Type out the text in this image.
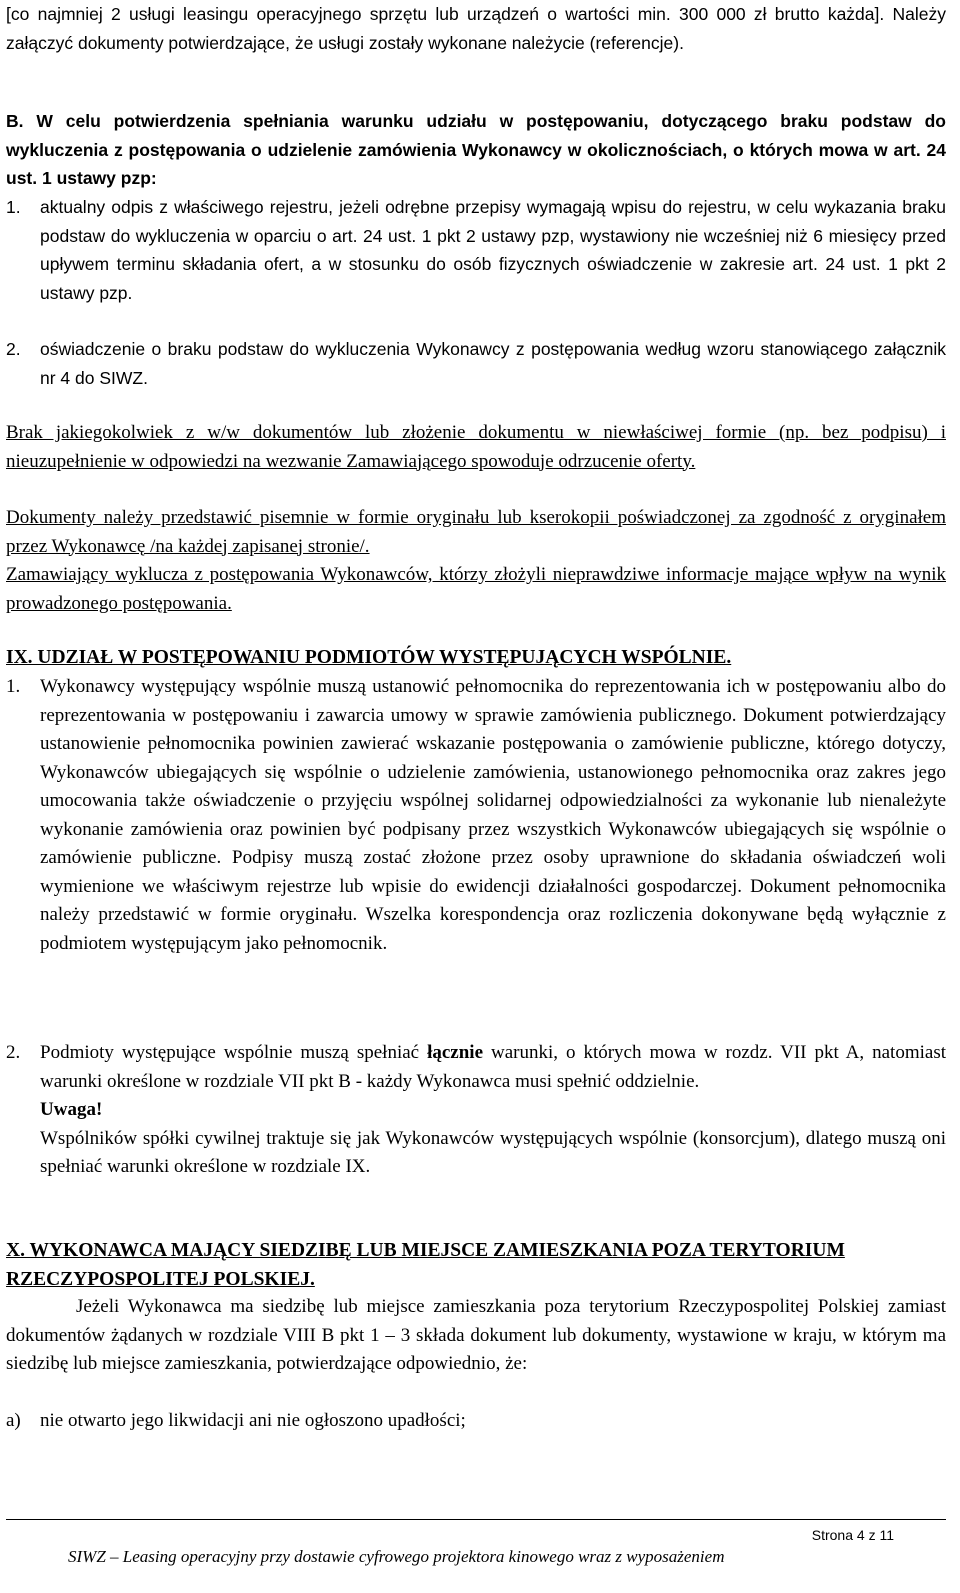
[co najmniej 2 usługi leasingu operacyjnego sprzętu lub urządzeń o wartości min. 300 000 zł brutto każda]. Należy załączyć dokumenty potwierdzające, że usługi zostały wykonane należycie (referencje).

B. W celu potwierdzenia spełniania warunku udziału w postępowaniu, dotyczącego braku podstaw do wykluczenia z postępowania o udzielenie zamówienia Wykonawcy w okolicznościach, o których mowa w art. 24 ust. 1 ustawy pzp:

1. aktualny odpis z właściwego rejestru, jeżeli odrębne przepisy wymagają wpisu do rejestru, w celu wykazania braku podstaw do wykluczenia w oparciu o art. 24 ust. 1 pkt 2 ustawy pzp, wystawiony nie wcześniej niż 6 miesięcy przed upływem terminu składania ofert, a w stosunku do osób fizycznych oświadczenie w zakresie art. 24 ust. 1 pkt 2 ustawy pzp.

2. oświadczenie o braku podstaw do wykluczenia Wykonawcy z postępowania według wzoru stanowiącego załącznik nr 4 do SIWZ.

Brak jakiegokolwiek z w/w dokumentów lub złożenie dokumentu w niewłaściwej formie (np. bez podpisu) i nieuzupełnienie w odpowiedzi na wezwanie Zamawiającego spowoduje odrzucenie oferty.

Dokumenty należy przedstawić pisemnie w formie oryginału lub kserokopii poświadczonej za zgodność z oryginałem przez Wykonawcę /na każdej zapisanej stronie/.

Zamawiający wyklucza z postępowania Wykonawców, którzy złożyli nieprawdziwe informacje mające wpływ na wynik prowadzonego postępowania.

IX. UDZIAŁ W POSTĘPOWANIU PODMIOTÓW WYSTĘPUJĄCYCH WSPÓLNIE.

1. Wykonawcy występujący wspólnie muszą ustanowić pełnomocnika do reprezentowania ich w postępowaniu albo do reprezentowania w postępowaniu i zawarcia umowy w sprawie zamówienia publicznego. Dokument potwierdzający ustanowienie pełnomocnika powinien zawierać wskazanie postępowania o zamówienie publiczne, którego dotyczy, Wykonawców ubiegających się wspólnie o udzielenie zamówienia, ustanowionego pełnomocnika oraz zakres jego umocowania także oświadczenie o przyjęciu wspólnej solidarnej odpowiedzialności za wykonanie lub nienależyte wykonanie zamówienia oraz powinien być podpisany przez wszystkich Wykonawców ubiegających się wspólnie o zamówienie publiczne. Podpisy muszą zostać złożone przez osoby uprawnione do składania oświadczeń woli wymienione we właściwym rejestrze lub wpisie do ewidencji działalności gospodarczej. Dokument pełnomocnika należy przedstawić w formie oryginału. Wszelka korespondencja oraz rozliczenia dokonywane będą wyłącznie z podmiotem występującym jako pełnomocnik.

2. Podmioty występujące wspólnie muszą spełniać łącznie warunki, o których mowa w rozdz. VII pkt A, natomiast warunki określone w rozdziale VII pkt B - każdy Wykonawca musi spełnić oddzielnie.

Uwaga!

Wspólników spółki cywilnej traktuje się jak Wykonawców występujących wspólnie (konsorcjum), dlatego muszą oni spełniać warunki określone w rozdziale IX.

X. WYKONAWCA MAJĄCY SIEDZIBĘ LUB MIEJSCE ZAMIESZKANIA POZA TERYTORIUM RZECZYPOSPOLITEJ POLSKIEJ.

Jeżeli Wykonawca ma siedzibę lub miejsce zamieszkania poza terytorium Rzeczypospolitej Polskiej zamiast dokumentów żądanych w rozdziale VIII B pkt 1 – 3 składa dokument lub dokumenty, wystawione w kraju, w którym ma siedzibę lub miejsce zamieszkania, potwierdzające odpowiednio, że:

a) nie otwarto jego likwidacji ani nie ogłoszono upadłości;

Strona 4 z 11
SIWZ – Leasing operacyjny przy dostawie cyfrowego projektora kinowego wraz z wyposażeniem
